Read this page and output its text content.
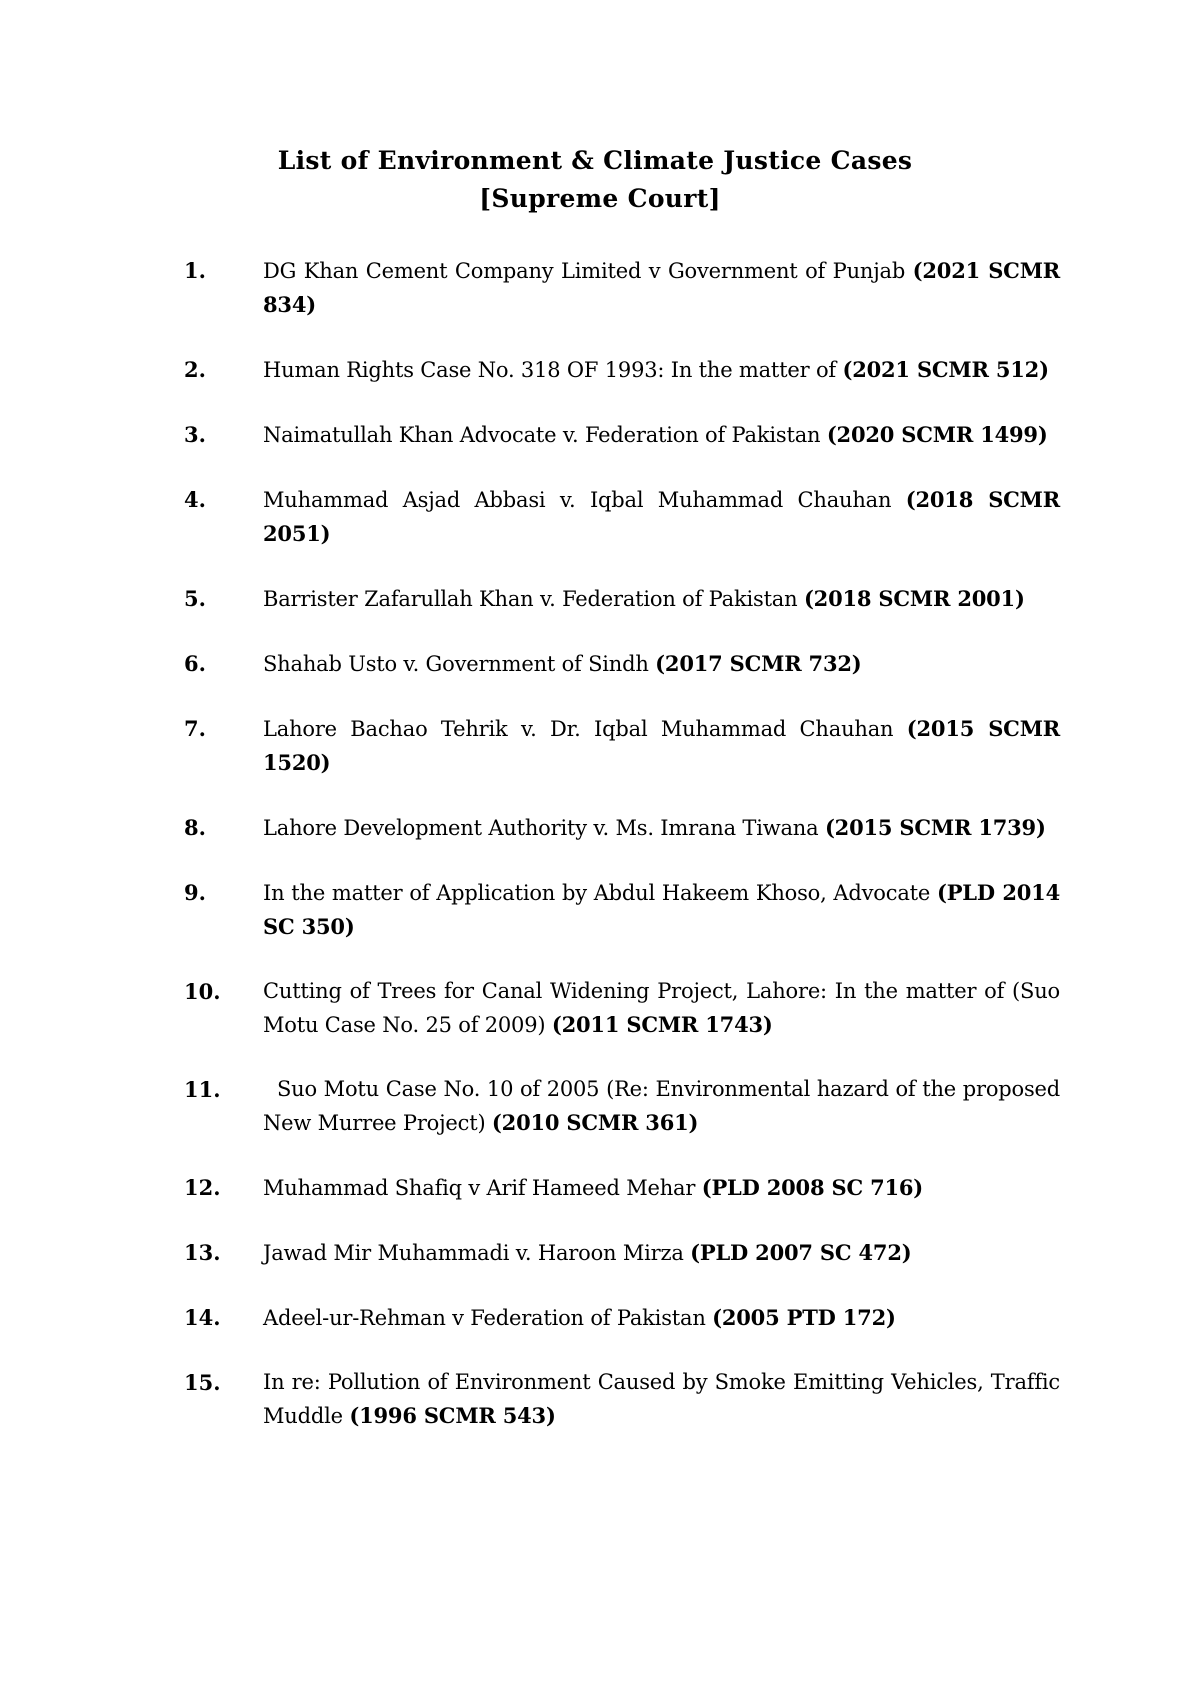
List of Environment & Climate Justice Cases
[Supreme Court]
1.	DG Khan Cement Company Limited v Government of Punjab (2021 SCMR 834)
2.	Human Rights Case No. 318 OF 1993: In the matter of (2021 SCMR 512)
3.	Naimatullah Khan Advocate v. Federation of Pakistan (2020 SCMR 1499)
4.	Muhammad Asjad Abbasi v. Iqbal Muhammad Chauhan (2018 SCMR 2051)
5.	Barrister Zafarullah Khan v. Federation of Pakistan (2018 SCMR 2001)
6.	Shahab Usto v. Government of Sindh (2017 SCMR 732)
7.	Lahore Bachao Tehrik v. Dr. Iqbal Muhammad Chauhan (2015 SCMR 1520)
8.	Lahore Development Authority v. Ms. Imrana Tiwana (2015 SCMR 1739)
9.	In the matter of Application by Abdul Hakeem Khoso, Advocate (PLD 2014 SC 350)
10. Cutting of Trees for Canal Widening Project, Lahore: In the matter of (Suo Motu Case No. 25 of 2009) (2011 SCMR 1743)
11.	Suo Motu Case No. 10 of 2005 (Re: Environmental hazard of the proposed New Murree Project) (2010 SCMR 361)
12. Muhammad Shafiq v Arif Hameed Mehar (PLD 2008 SC 716)
13. Jawad Mir Muhammadi v. Haroon Mirza (PLD 2007 SC 472)
14. Adeel-ur-Rehman v Federation of Pakistan (2005 PTD 172)
15. In re: Pollution of Environment Caused by Smoke Emitting Vehicles, Traffic Muddle (1996 SCMR 543)
